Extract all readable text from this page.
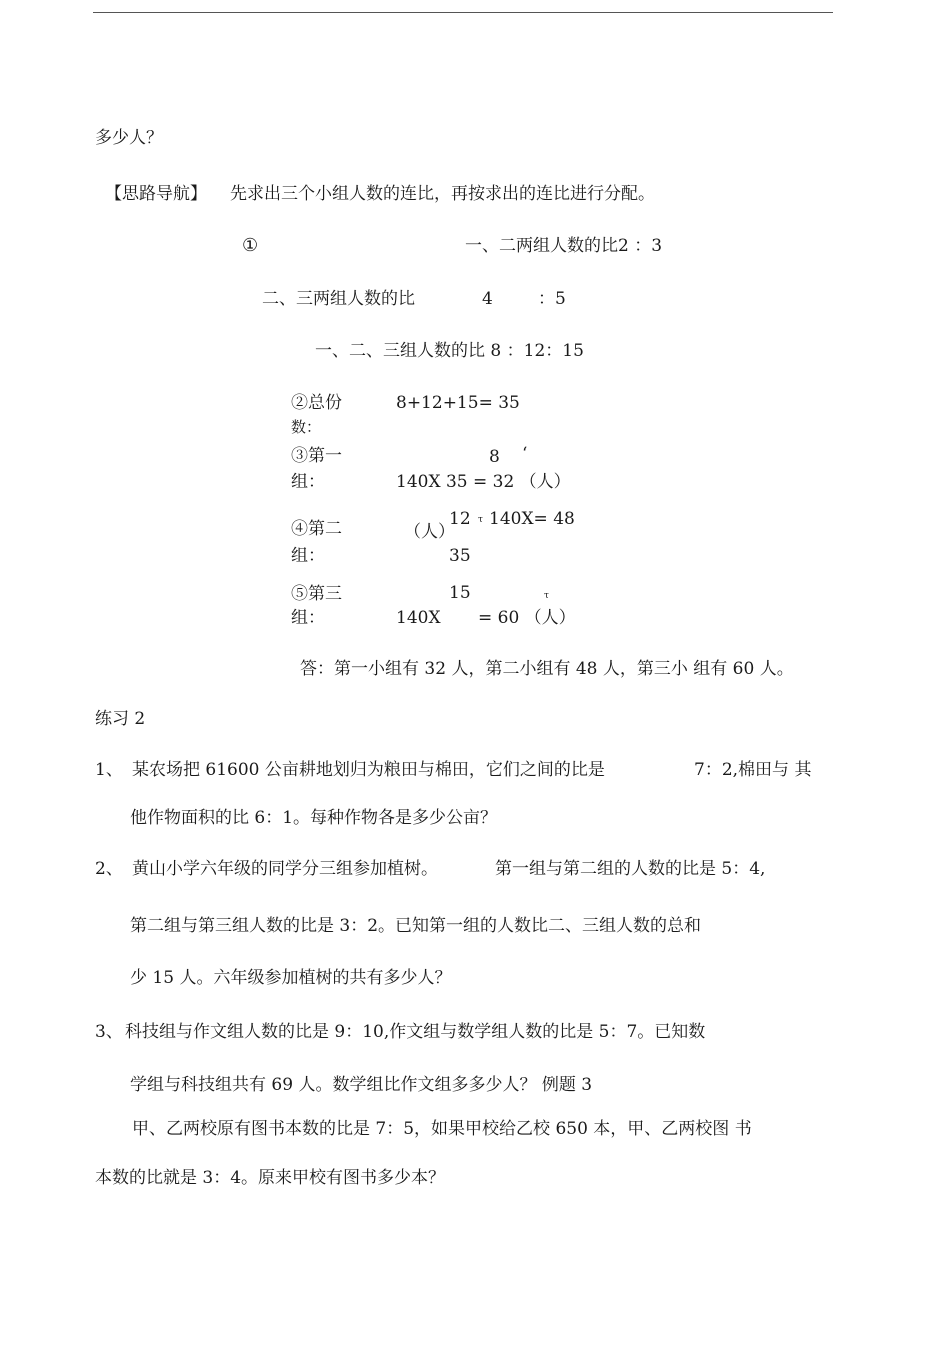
多少人？
【思路导航】 先求出三个小组人数的连比，再按求出的连比进行分配。
①	一、二两组人数的比2 ：3
二、三两组人数的比	4	：5
一、二、三组人数的比 8 ：12：15
②总份
数：
8+12+15= 35
③第一
组：
8 ‘
140X 35 = 32 （人）
④第二
组：
（人）
12 τ 140X= 48
35
⑤第三
组：
15	τ
140X = 60 （人）
答：第一小组有 32 人，第二小组有 48 人，第三小 组有 60 人。
练习 2
1、 某农场把 61600 公亩耕地划归为粮田与棉田，它们之间的比是	7：2,棉田与 其
他作物面积的比 6：1。每种作物各是多少公亩？
2、 黄山小学六年级的同学分三组参加植树。	第一组与第二组的人数的比是 5：4,
第二组与第三组人数的比是 3：2。已知第一组的人数比二、三组人数的总和
少 15 人。六年级参加植树的共有多少人？
3、 科技组与作文组人数的比是 9：10,作文组与数学组人数的比是 5：7。已知数
学组与科技组共有 69 人。数学组比作文组多多少人？ 例题 3
甲、乙两校原有图书本数的比是 7：5，如果甲校给乙校 650 本，甲、乙两校图 书
本数的比就是 3：4。原来甲校有图书多少本？
